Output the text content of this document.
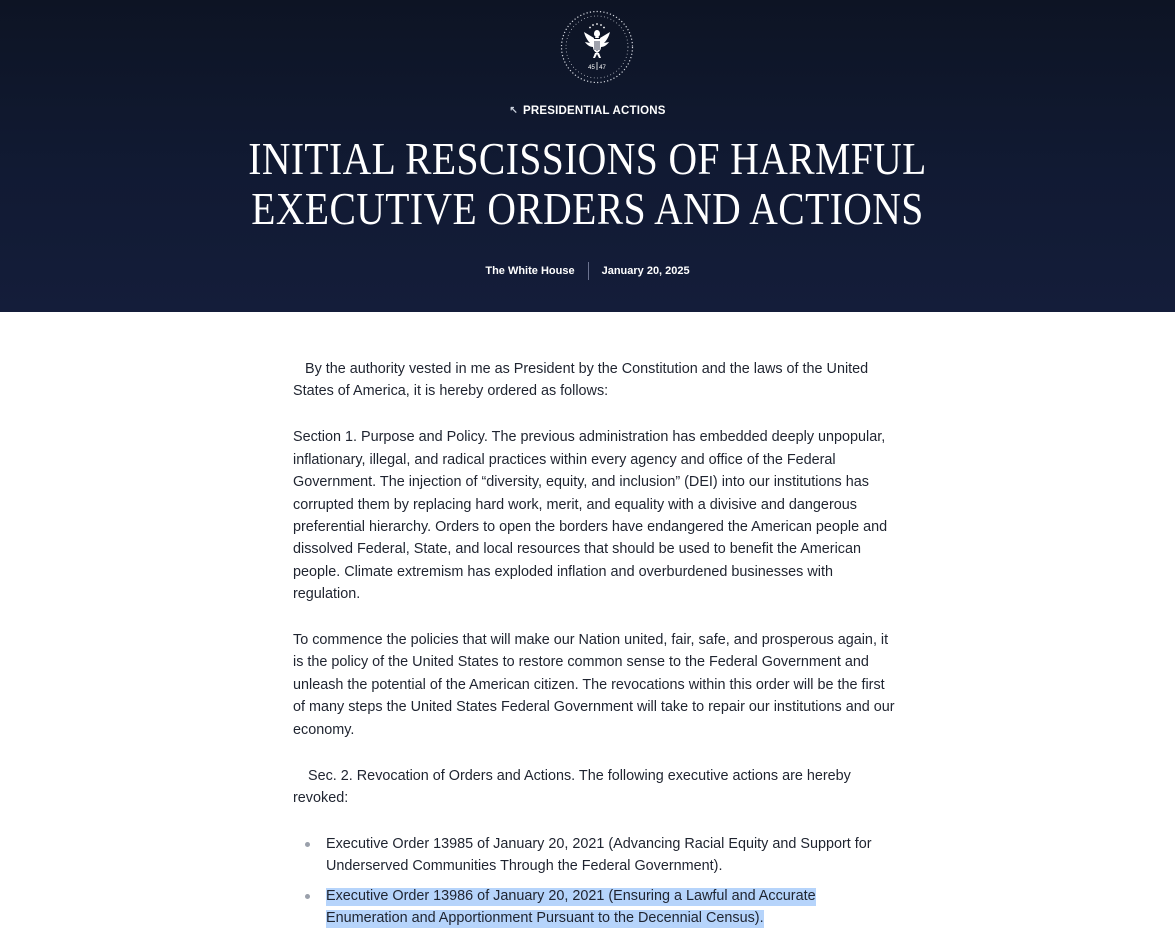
45 47
↖ PRESIDENTIAL ACTIONS
INITIAL RESCISSIONS OF HARMFUL
EXECUTIVE ORDERS AND ACTIONS
The White House	January 20, 2025

By the authority vested in me as President by the Constitution and the laws of the United States of America, it is hereby ordered as follows:

Section 1. Purpose and Policy. The previous administration has embedded deeply unpopular, inflationary, illegal, and radical practices within every agency and office of the Federal Government. The injection of “diversity, equity, and inclusion” (DEI) into our institutions has corrupted them by replacing hard work, merit, and equality with a divisive and dangerous preferential hierarchy. Orders to open the borders have endangered the American people and dissolved Federal, State, and local resources that should be used to benefit the American people. Climate extremism has exploded inflation and overburdened businesses with regulation.

To commence the policies that will make our Nation united, fair, safe, and prosperous again, it is the policy of the United States to restore common sense to the Federal Government and unleash the potential of the American citizen. The revocations within this order will be the first of many steps the United States Federal Government will take to repair our institutions and our economy.

Sec. 2. Revocation of Orders and Actions. The following executive actions are hereby revoked:

Executive Order 13985 of January 20, 2021 (Advancing Racial Equity and Support for Underserved Communities Through the Federal Government).
Executive Order 13986 of January 20, 2021 (Ensuring a Lawful and Accurate Enumeration and Apportionment Pursuant to the Decennial Census).
